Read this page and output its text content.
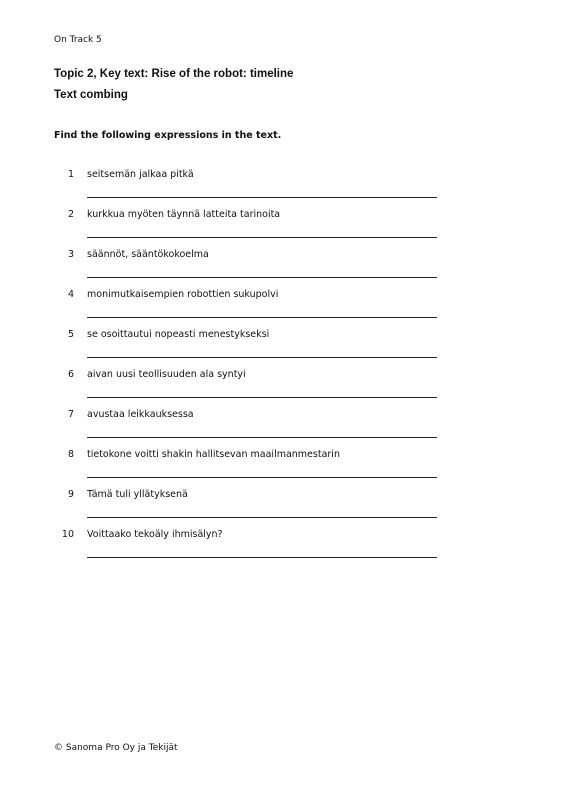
On Track 5
Topic 2, Key text: Rise of the robot: timeline
Text combing
Find the following expressions in the text.
1 seitsemän jalkaa pitkä
2 kurkkua myöten täynnä latteita tarinoita
3 säännöt, sääntökokoelma
4 monimutkaisempien robottien sukupolvi
5 se osoittautui nopeasti menestykseksi
6 aivan uusi teollisuuden ala syntyi
7 avustaa leikkauksessa
8 tietokone voitti shakin hallitsevan maailmanmestarin
9 Tämä tuli yllätyksenä
10 Voittaako tekoäly ihmisälyn?
© Sanoma Pro Oy ja Tekijät
